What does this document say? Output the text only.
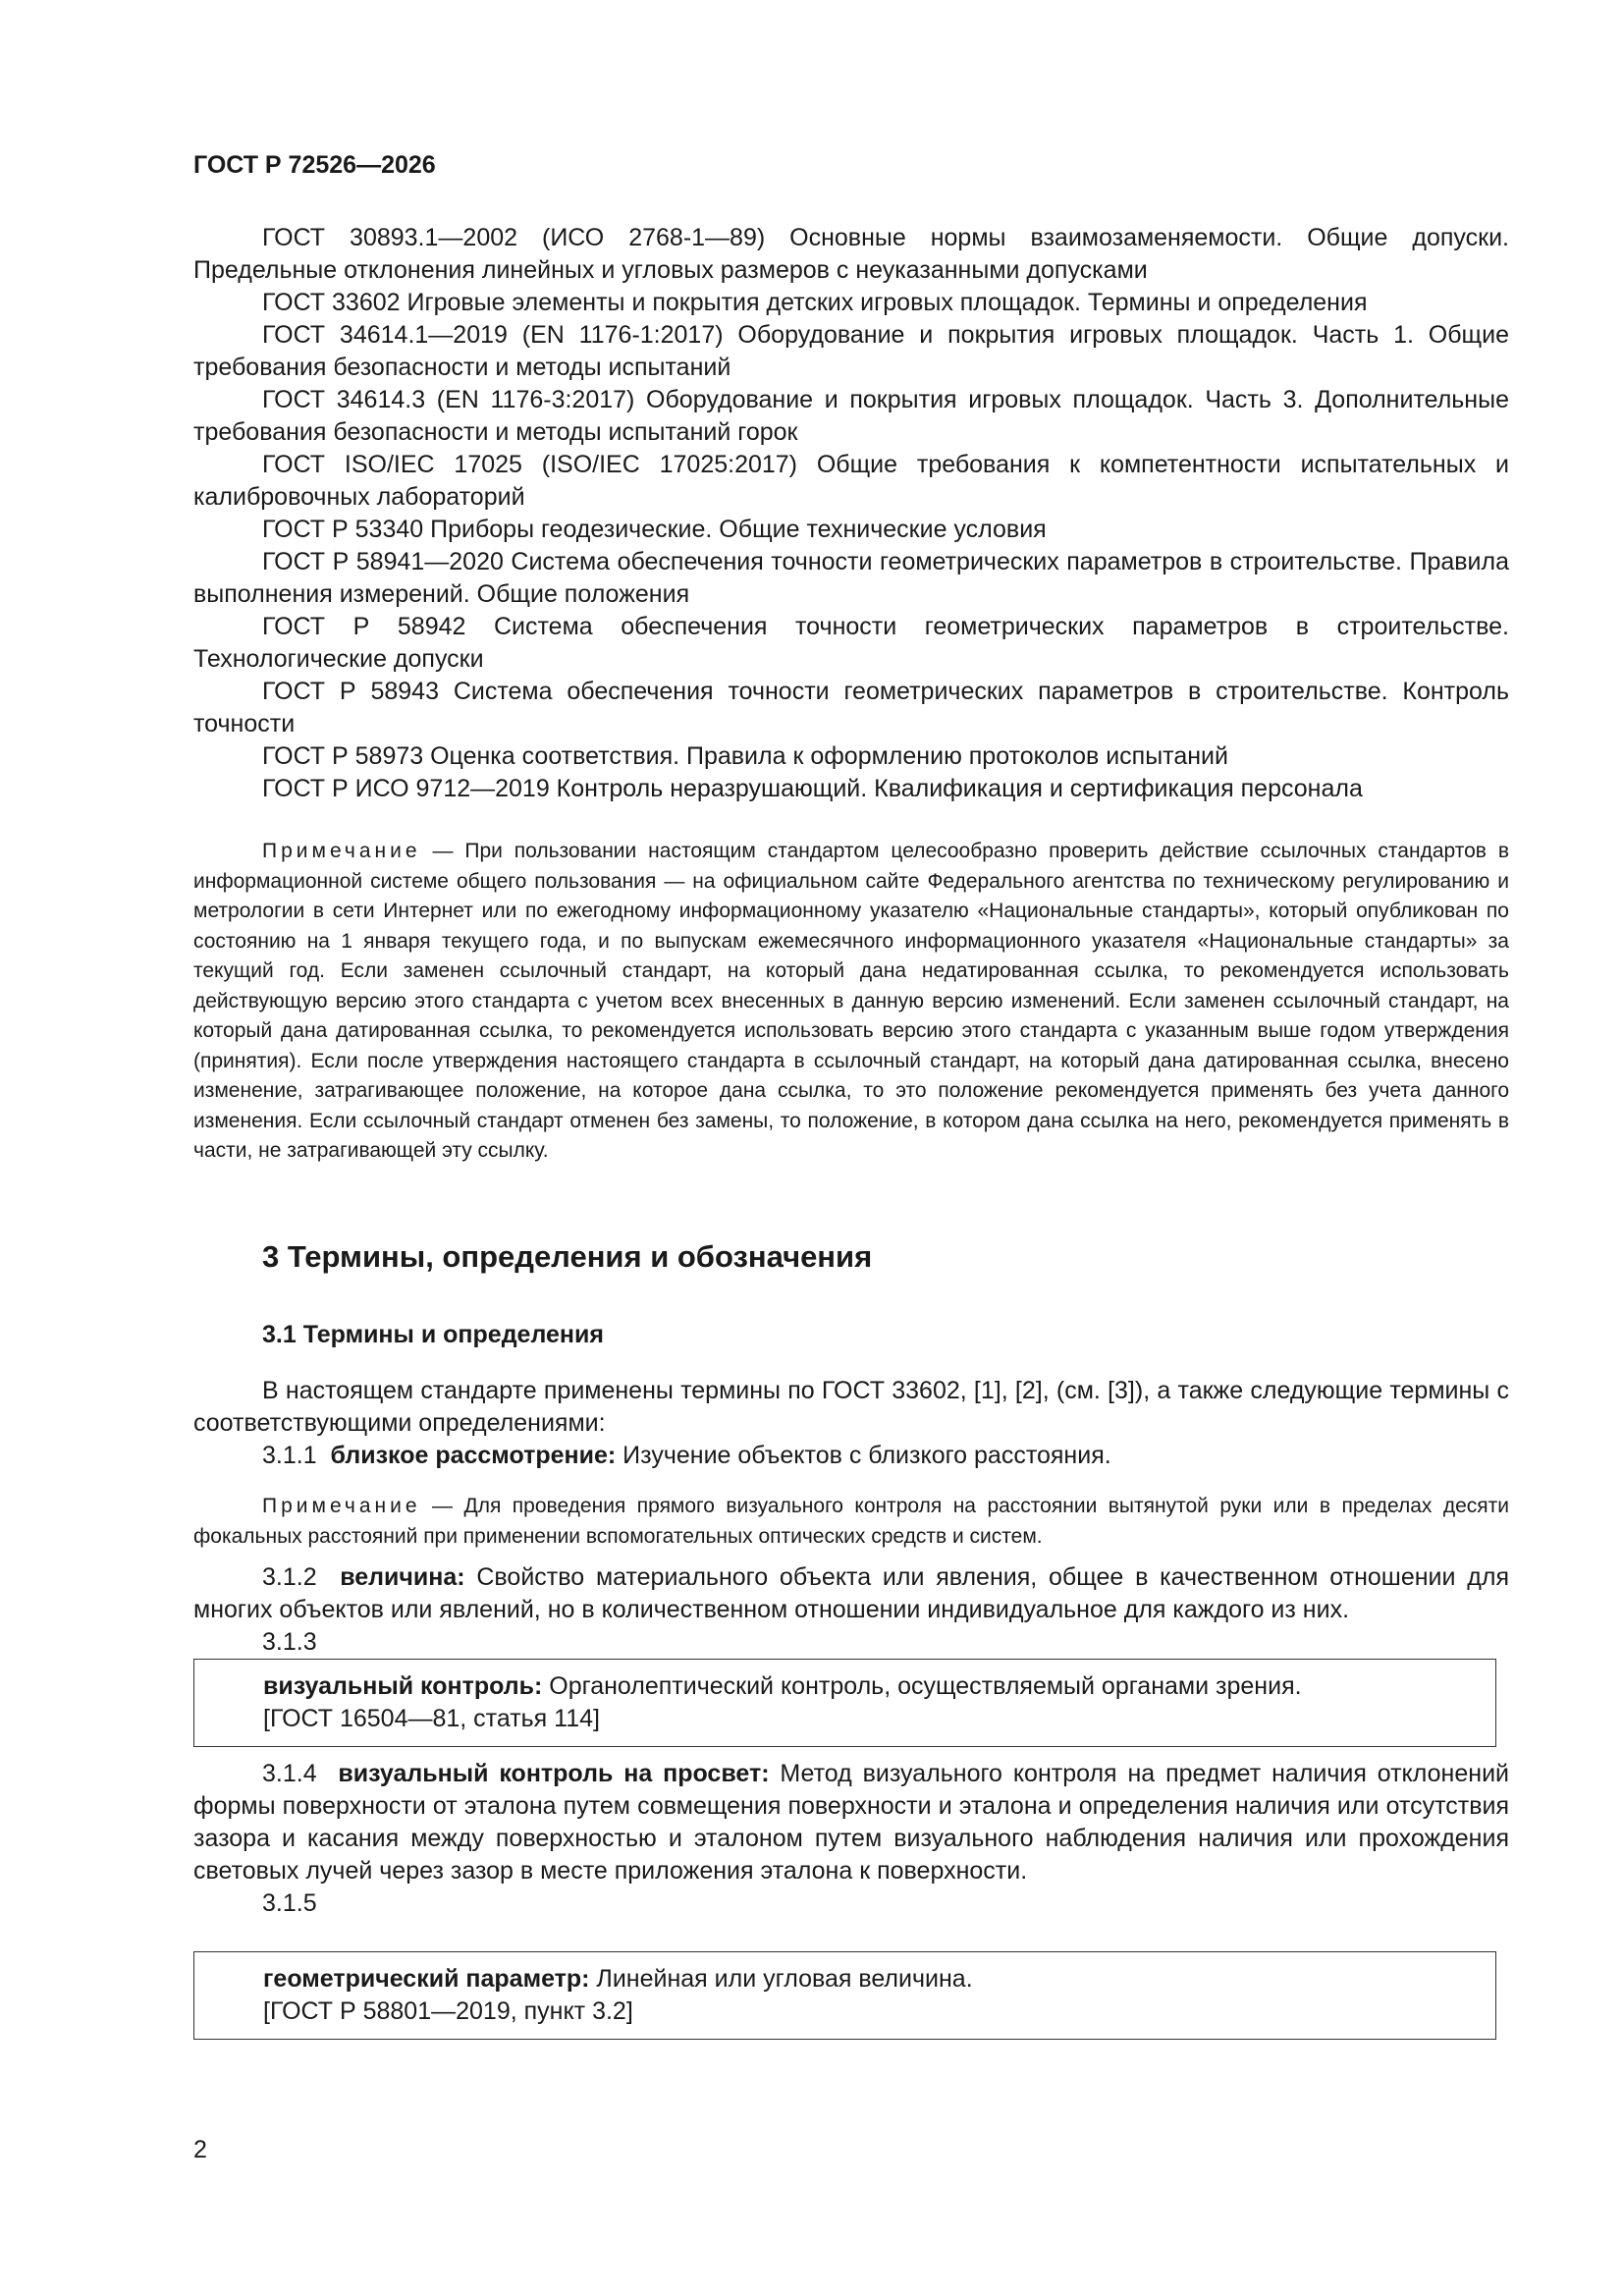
ГОСТ Р 72526—2026

ГОСТ 30893.1—2002 (ИСО 2768-1—89) Основные нормы взаимозаменяемости. Общие допуски. Предельные отклонения линейных и угловых размеров с неуказанными допусками

ГОСТ 33602 Игровые элементы и покрытия детских игровых площадок. Термины и определения

ГОСТ 34614.1—2019 (EN 1176-1:2017) Оборудование и покрытия игровых площадок. Часть 1. Общие требования безопасности и методы испытаний

ГОСТ 34614.3 (EN 1176-3:2017) Оборудование и покрытия игровых площадок. Часть 3. Дополнительные требования безопасности и методы испытаний горок

ГОСТ ISO/IEC 17025 (ISO/IEC 17025:2017) Общие требования к компетентности испытательных и калибровочных лабораторий

ГОСТ Р 53340 Приборы геодезические. Общие технические условия

ГОСТ Р 58941—2020 Система обеспечения точности геометрических параметров в строительстве. Правила выполнения измерений. Общие положения

ГОСТ Р 58942 Система обеспечения точности геометрических параметров в строительстве. Технологические допуски

ГОСТ Р 58943 Система обеспечения точности геометрических параметров в строительстве. Контроль точности

ГОСТ Р 58973 Оценка соответствия. Правила к оформлению протоколов испытаний

ГОСТ Р ИСО 9712—2019 Контроль неразрушающий. Квалификация и сертификация персонала

Примечание — При пользовании настоящим стандартом целесообразно проверить действие ссылочных стандартов в информационной системе общего пользования — на официальном сайте Федерального агентства по техническому регулированию и метрологии в сети Интернет или по ежегодному информационному указателю «Национальные стандарты», который опубликован по состоянию на 1 января текущего года, и по выпускам ежемесячного информационного указателя «Национальные стандарты» за текущий год. Если заменен ссылочный стандарт, на который дана недатированная ссылка, то рекомендуется использовать действующую версию этого стандарта с учетом всех внесенных в данную версию изменений. Если заменен ссылочный стандарт, на который дана датированная ссылка, то рекомендуется использовать версию этого стандарта с указанным выше годом утверждения (принятия). Если после утверждения настоящего стандарта в ссылочный стандарт, на который дана датированная ссылка, внесено изменение, затрагивающее положение, на которое дана ссылка, то это положение рекомендуется применять без учета данного изменения. Если ссылочный стандарт отменен без замены, то положение, в котором дана ссылка на него, рекомендуется применять в части, не затрагивающей эту ссылку.
3 Термины, определения и обозначения
3.1 Термины и определения

В настоящем стандарте применены термины по ГОСТ 33602, [1], [2], (см. [3]), а также следующие термины с соответствующими определениями:

3.1.1 близкое рассмотрение: Изучение объектов с близкого расстояния.

Примечание — Для проведения прямого визуального контроля на расстоянии вытянутой руки или в пределах десяти фокальных расстояний при применении вспомогательных оптических средств и систем.

3.1.2 величина: Свойство материального объекта или явления, общее в качественном отношении для многих объектов или явлений, но в количественном отношении индивидуальное для каждого из них.

3.1.3

визуальный контроль: Органолептический контроль, осуществляемый органами зрения.

[ГОСТ 16504—81, статья 114]

3.1.4 визуальный контроль на просвет: Метод визуального контроля на предмет наличия отклонений формы поверхности от эталона путем совмещения поверхности и эталона и определения наличия или отсутствия зазора и касания между поверхностью и эталоном путем визуального наблюдения наличия или прохождения световых лучей через зазор в месте приложения эталона к поверхности.

3.1.5

геометрический параметр: Линейная или угловая величина.

[ГОСТ Р 58801—2019, пункт 3.2]

2
